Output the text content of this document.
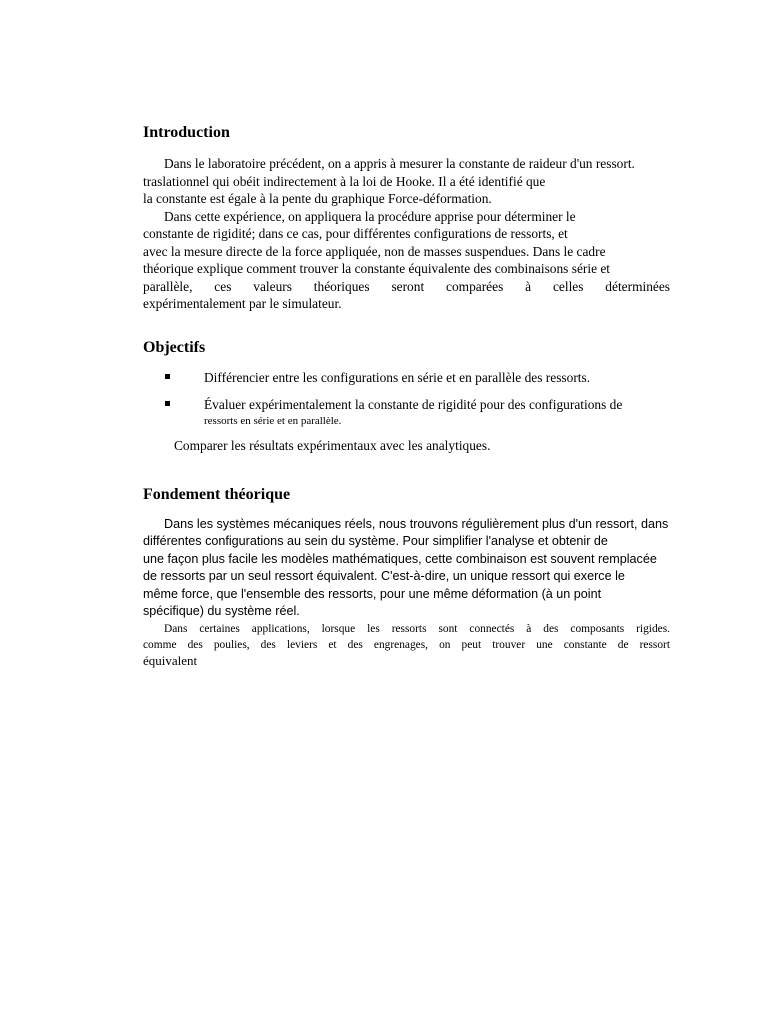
Introduction

Dans le laboratoire précédent, on a appris à mesurer la constante de raideur d'un ressort.
traslationnel qui obéit indirectement à la loi de Hooke. Il a été identifié que
la constante est égale à la pente du graphique Force-déformation.

Dans cette expérience, on appliquera la procédure apprise pour déterminer le
constante de rigidité; dans ce cas, pour différentes configurations de ressorts, et
avec la mesure directe de la force appliquée, non de masses suspendues. Dans le cadre
théorique explique comment trouver la constante équivalente des combinaisons série et
parallèle, ces valeurs théoriques seront comparées à celles déterminées
expérimentalement par le simulateur.

Objectifs
Différencier entre les configurations en série et en parallèle des ressorts.
Évaluer expérimentalement la constante de rigidité pour des configurations de
ressorts en série et en parallèle.
Comparer les résultats expérimentaux avec les analytiques.
Fondement théorique

Dans les systèmes mécaniques réels, nous trouvons régulièrement plus d'un ressort, dans
différentes configurations au sein du système. Pour simplifier l'analyse et obtenir de
une façon plus facile les modèles mathématiques, cette combinaison est souvent remplacée
de ressorts par un seul ressort équivalent. C'est-à-dire, un unique ressort qui exerce le
même force, que l'ensemble des ressorts, pour une même déformation (à un point
spécifique) du système réel.

Dans certaines applications, lorsque les ressorts sont connectés à des composants rigides.
comme des poulies, des leviers et des engrenages, on peut trouver une constante de ressort
équivalent
